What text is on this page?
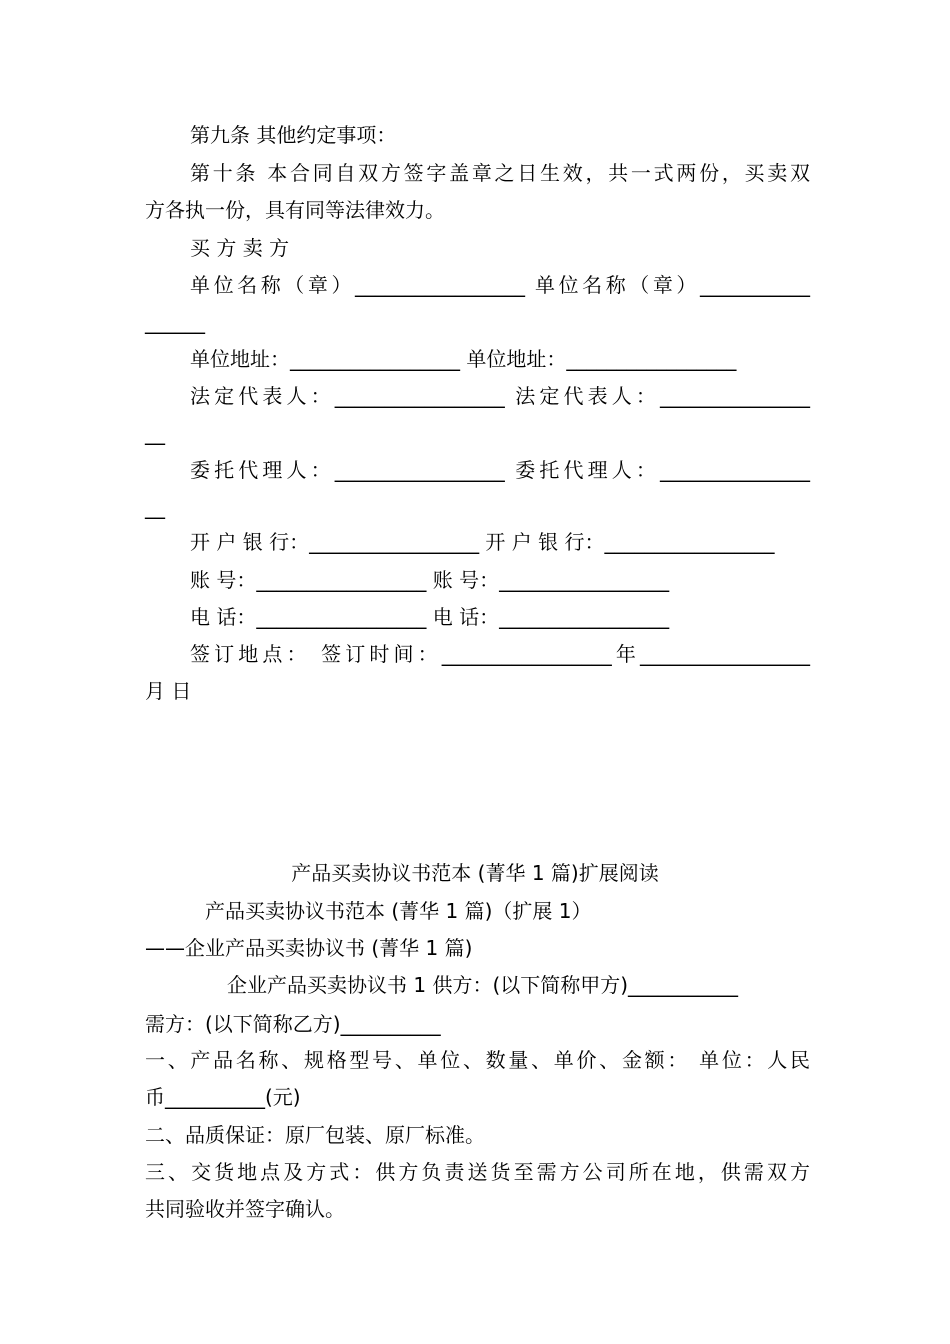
第九条 其他约定事项：
第十条 本合同自双方签字盖章之日生效，共一式两份，买卖双
方各执一份，具有同等法律效力。
买 方 卖 方
单位名称（章）_________________ 单位名称（章）___________
______
单位地址：_________________ 单位地址：_________________
法定代表人：_________________ 法定代表人：_______________
__
委托代理人：_________________ 委托代理人：_______________
__
开 户 银 行：_________________ 开 户 银 行：_________________
账 号：_________________ 账 号：_________________
电 话：_________________ 电 话：_________________
签订地点： 签订时间：_________________年_________________
月 日
产品买卖协议书范本 (菁华 1 篇)扩展阅读
产品买卖协议书范本 (菁华 1 篇)（扩展 1）
——企业产品买卖协议书 (菁华 1 篇)
企业产品买卖协议书 1 供方：(以下简称甲方)___________
需方：(以下简称乙方)__________
一、产品名称、规格型号、单位、数量、单价、金额： 单位：人民
币__________(元)
二、品质保证：原厂包装、原厂标准。
三、交货地点及方式：供方负责送货至需方公司所在地，供需双方
共同验收并签字确认。
